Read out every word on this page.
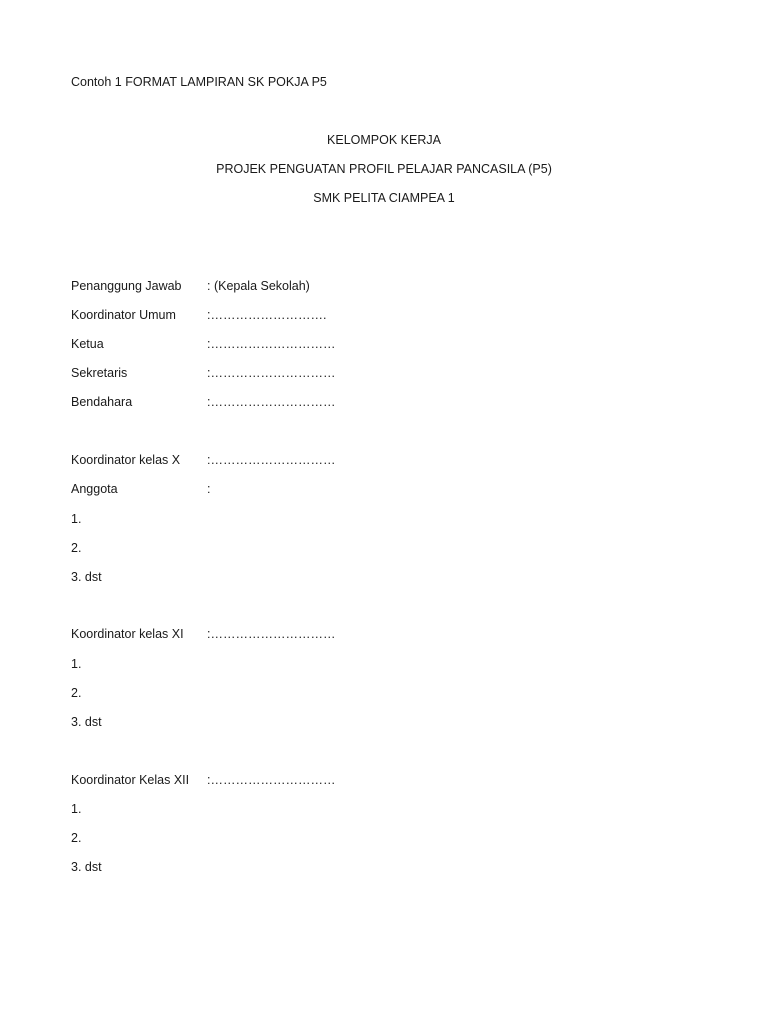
Contoh 1 FORMAT LAMPIRAN SK POKJA P5
KELOMPOK KERJA
PROJEK PENGUATAN PROFIL PELAJAR PANCASILA (P5)
SMK PELITA CIAMPEA 1
Penanggung Jawab : (Kepala Sekolah)
Koordinator Umum :……………………….
Ketua	:…………………………
Sekretaris	:…………………………
Bendahara	:…………………………
Koordinator kelas X :…………………………
Anggota	:
1.
2.
3. dst
Koordinator kelas XI :…………………………
1.
2.
3. dst
Koordinator Kelas XII :…………………………
1.
2.
3. dst
